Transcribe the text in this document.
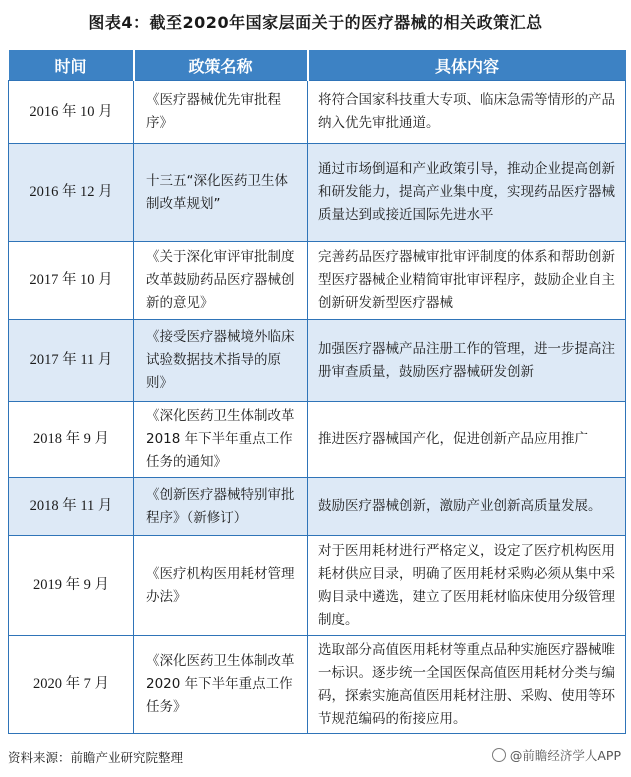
图表4：截至2020年国家层面关于的医疗器械的相关政策汇总
时间	政策名称	具体内容
2016 年 10 月	《医疗器械优先审批程序》	将符合国家科技重大专项、临床急需等情形的产品纳入优先审批通道。
2016 年 12 月	十三五“深化医药卫生体制改革规划”	通过市场倒逼和产业政策引导，推动企业提高创新和研发能力，提高产业集中度，实现药品医疗器械质量达到或接近国际先进水平
2017 年 10 月	《关于深化审评审批制度改革鼓励药品医疗器械创新的意见》	完善药品医疗器械审批审评制度的体系和帮助创新型医疗器械企业精简审批审评程序，鼓励企业自主创新研发新型医疗器械
2017 年 11 月	《接受医疗器械境外临床试验数据技术指导的原则》	加强医疗器械产品注册工作的管理，进一步提高注册审查质量，鼓励医疗器械研发创新
2018 年 9 月	《深化医药卫生体制改革 2018 年下半年重点工作任务的通知》	推进医疗器械国产化，促进创新产品应用推广
2018 年 11 月	《创新医疗器械特别审批程序》（新修订）	鼓励医疗器械创新，激励产业创新高质量发展。
2019 年 9 月	《医疗机构医用耗材管理办法》	对于医用耗材进行严格定义，设定了医疗机构医用耗材供应目录，明确了医用耗材采购必须从集中采购目录中遴选，建立了医用耗材临床使用分级管理制度。
2020 年 7 月	《深化医药卫生体制改革 2020 年下半年重点工作任务》	选取部分高值医用耗材等重点品种实施医疗器械唯一标识。逐步统一全国医保高值医用耗材分类与编码，探索实施高值医用耗材注册、采购、使用等环节规范编码的衔接应用。
资料来源：前瞻产业研究院整理	@前瞻经济学人APP
